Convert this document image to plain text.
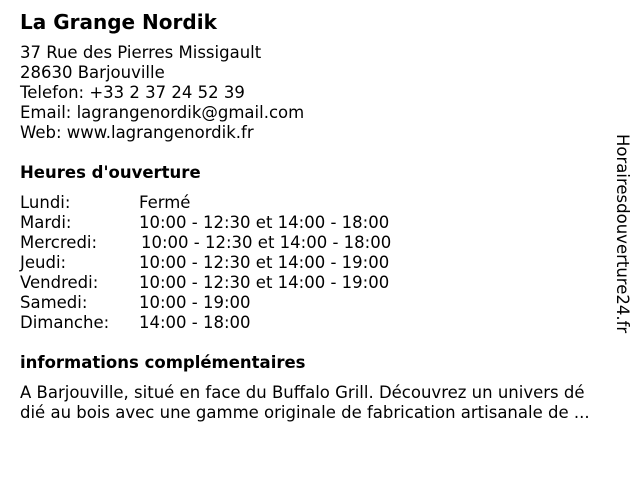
La Grange Nordik
37 Rue des Pierres Missigault
28630 Barjouville
Telefon: +33 2 37 24 52 39
Email: lagrangenordik@gmail.com
Web: www.lagrangenordik.fr
Heures d'ouverture
Lundi:	Fermé
Mardi:	10:00 - 12:30 et 14:00 - 18:00
Mercredi:	10:00 - 12:30 et 14:00 - 18:00
Jeudi:	10:00 - 12:30 et 14:00 - 19:00
Vendredi: 10:00 - 12:30 et 14:00 - 19:00
Samedi:	10:00 - 19:00
Dimanche: 14:00 - 18:00
informations complémentaires
A Barjouville, situé en face du Buffalo Grill. Découvrez un univers dé
dié au bois avec une gamme originale de fabrication artisanale de ...
Horairesdouverture24.fr
